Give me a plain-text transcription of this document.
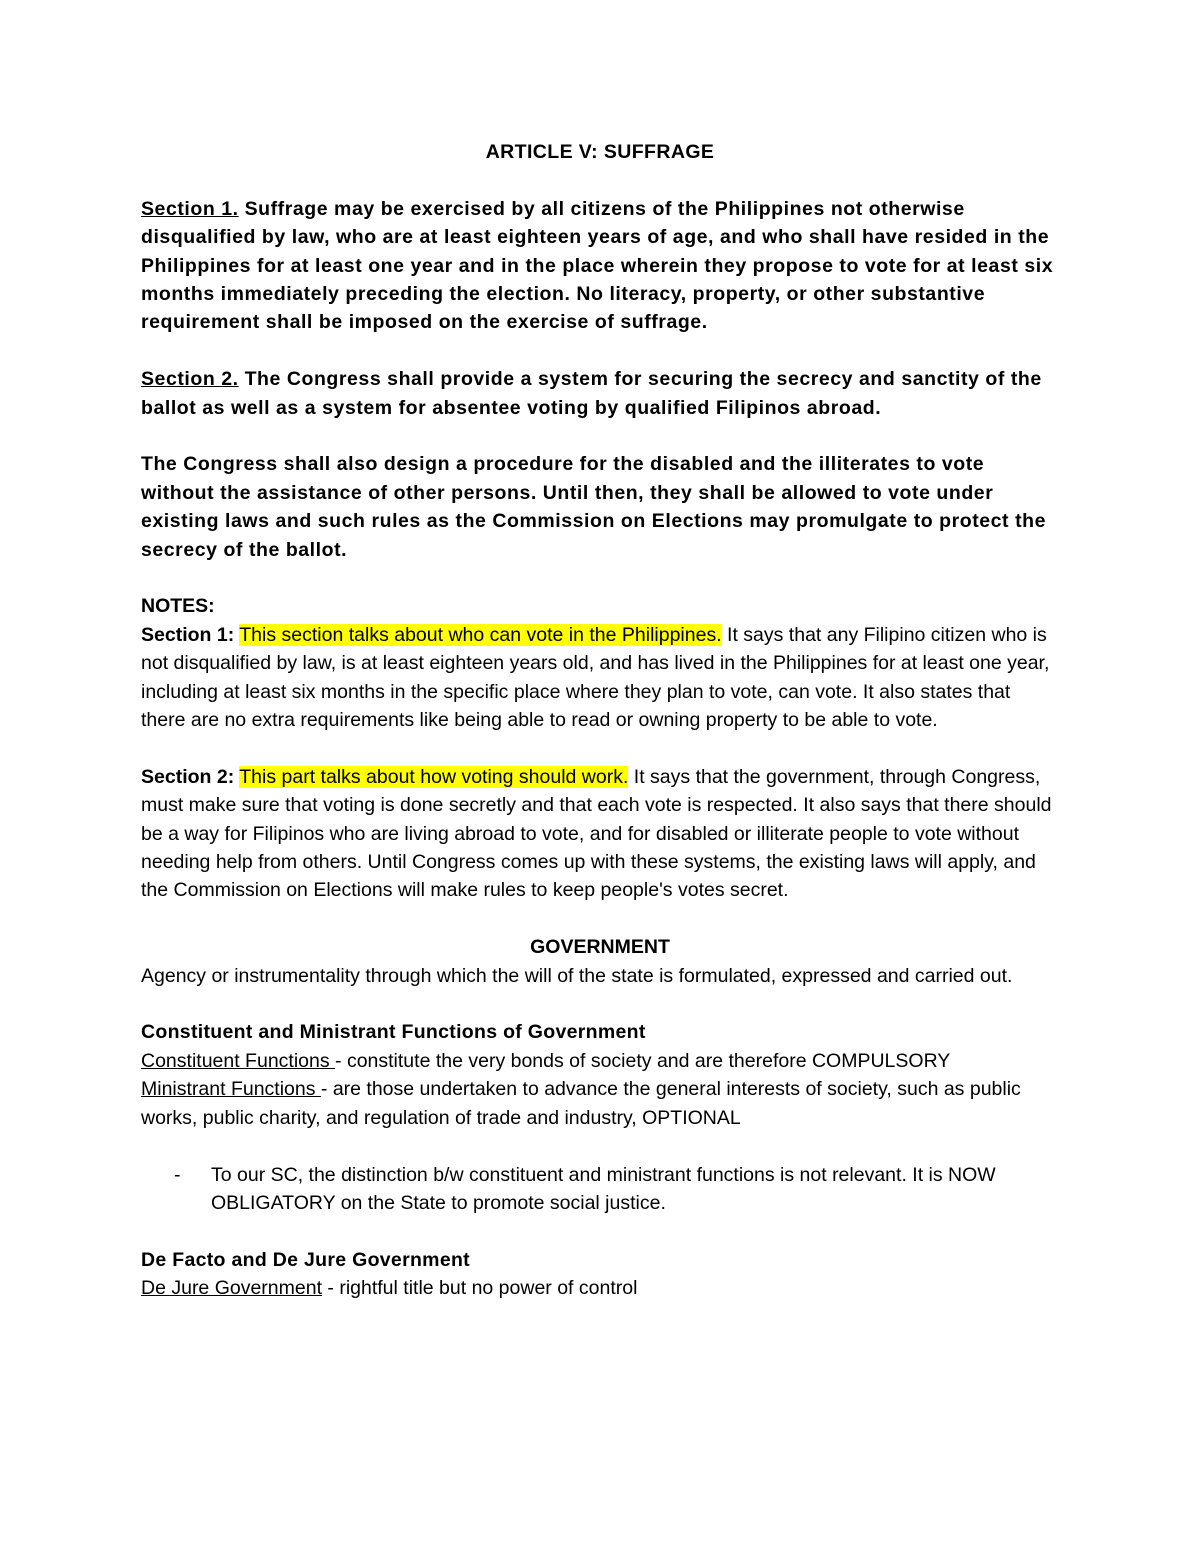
ARTICLE V: SUFFRAGE

Section 1. Suffrage may be exercised by all citizens of the Philippines not otherwise disqualified by law, who are at least eighteen years of age, and who shall have resided in the Philippines for at least one year and in the place wherein they propose to vote for at least six months immediately preceding the election. No literacy, property, or other substantive requirement shall be imposed on the exercise of suffrage.

Section 2. The Congress shall provide a system for securing the secrecy and sanctity of the ballot as well as a system for absentee voting by qualified Filipinos abroad.

The Congress shall also design a procedure for the disabled and the illiterates to vote without the assistance of other persons. Until then, they shall be allowed to vote under existing laws and such rules as the Commission on Elections may promulgate to protect the secrecy of the ballot.

NOTES:

Section 1: This section talks about who can vote in the Philippines. It says that any Filipino citizen who is not disqualified by law, is at least eighteen years old, and has lived in the Philippines for at least one year, including at least six months in the specific place where they plan to vote, can vote. It also states that there are no extra requirements like being able to read or owning property to be able to vote.

Section 2: This part talks about how voting should work. It says that the government, through Congress, must make sure that voting is done secretly and that each vote is respected. It also says that there should be a way for Filipinos who are living abroad to vote, and for disabled or illiterate people to vote without needing help from others. Until Congress comes up with these systems, the existing laws will apply, and the Commission on Elections will make rules to keep people's votes secret.

GOVERNMENT

Agency or instrumentality through which the will of the state is formulated, expressed and carried out.

Constituent and Ministrant Functions of Government

Constituent Functions - constitute the very bonds of society and are therefore COMPULSORY

Ministrant Functions - are those undertaken to advance the general interests of society, such as public works, public charity, and regulation of trade and industry, OPTIONAL

-	To our SC, the distinction b/w constituent and ministrant functions is not relevant. It is NOW OBLIGATORY on the State to promote social justice.

De Facto and De Jure Government

De Jure Government - rightful title but no power of control
